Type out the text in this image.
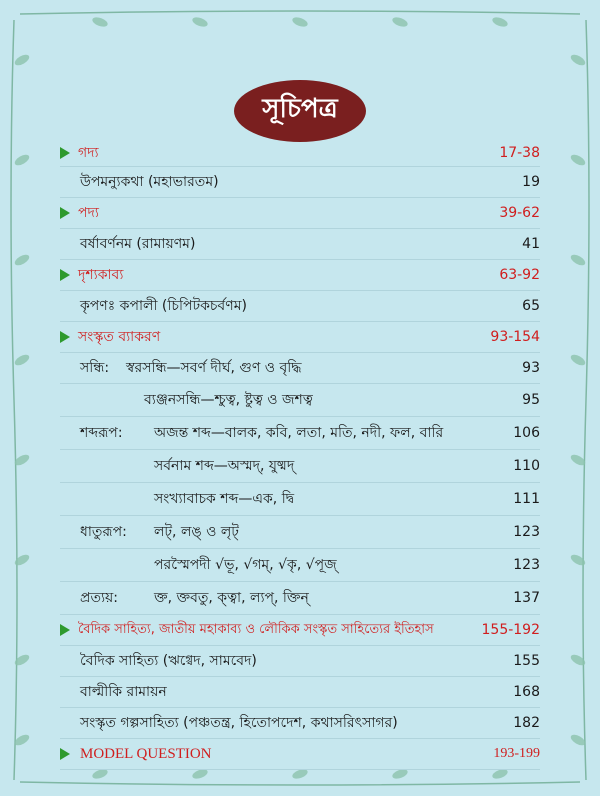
সূচিপত্র
গদ্য	17-38
উপমন্যুকথা (মহাভারতম)	19
পদ্য	39-62
বর্ষাবর্ণনম (রামায়ণম)	41
দৃশ্যকাব্য	63-92
কৃপণঃ কপালী (চিপিটকচর্বণম)	65
সংস্কৃত ব্যাকরণ	93-154
সন্ধি: স্বরসন্ধি—সবর্ণ দীর্ঘ, গুণ ও বৃদ্ধি	93
ব্যঞ্জনসন্ধি—শ্চুত্ব, ষ্টুত্ব ও জশত্ব	95
শব্দরূপ: অজন্ত শব্দ—বালক, কবি, লতা, মতি, নদী, ফল, বারি	106
সর্বনাম শব্দ—অস্মদ্, যুষ্মদ্	110
সংখ্যাবাচক শব্দ—এক, দ্বি	111
ধাতুরূপ: লট্, লঙ্ ও লৃট্	123
পরস্মৈপদী √ভূ, √গম্, √কৃ, √পূজ্	123
প্রত্যয়:	ক্ত, ক্তবতু, ক্ত্বা, ল্যপ্, ক্তিন্	137
বৈদিক সাহিত্য, জাতীয় মহাকাব্য ও লৌকিক সংস্কৃত সাহিত্যের ইতিহাস	155-192
বৈদিক সাহিত্য (ঋগ্বেদ, সামবেদ)	155
বাল্মীকি রামায়ন	168
সংস্কৃত গল্পসাহিত্য (পঞ্চতন্ত্র, হিতোপদেশ, কথাসরিৎসাগর)	182
MODEL QUESTION	193-199
